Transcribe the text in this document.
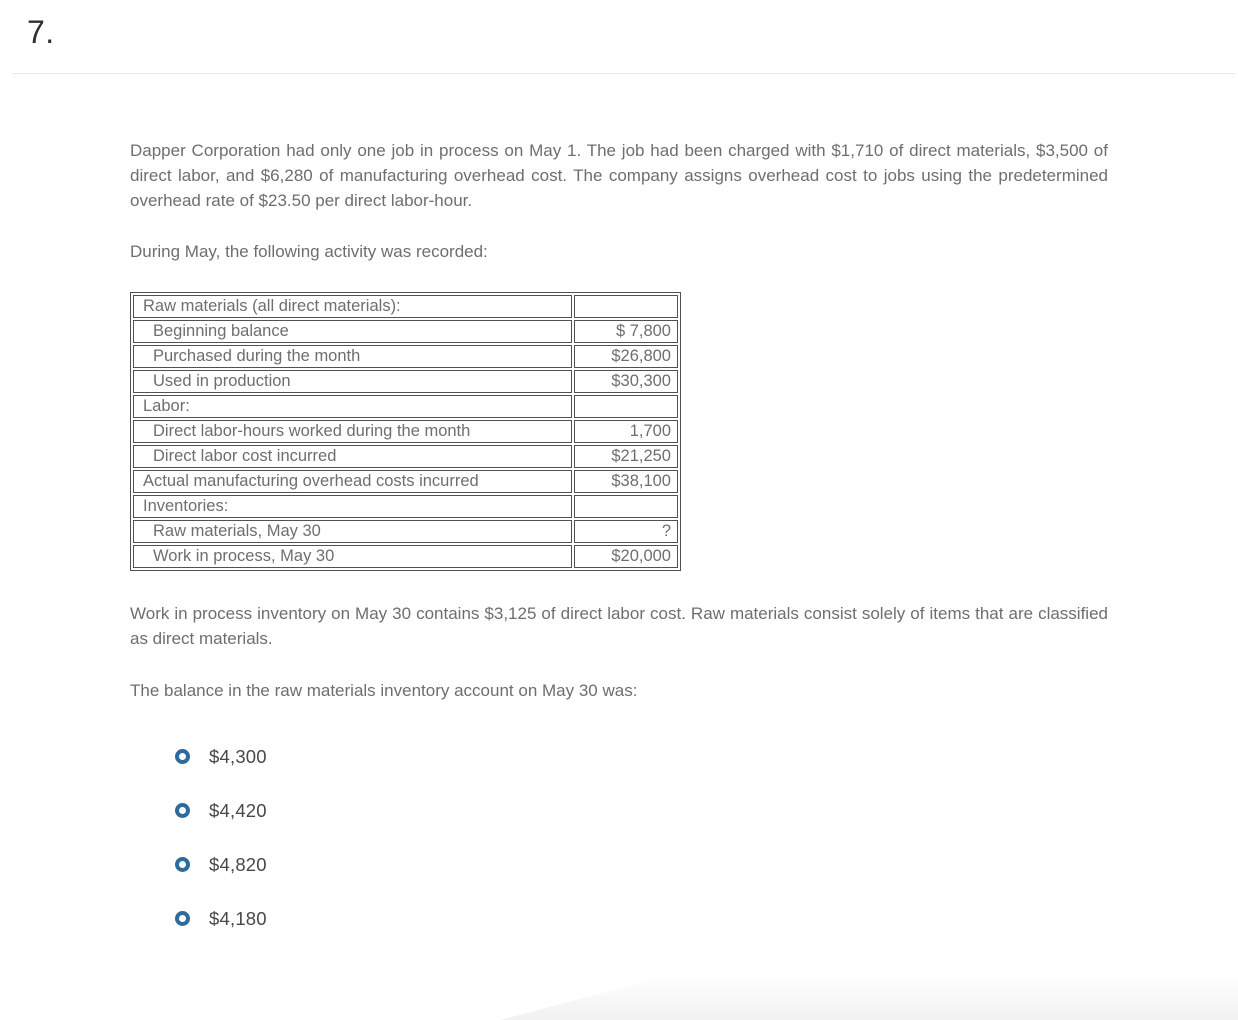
7.

Dapper Corporation had only one job in process on May 1. The job had been charged with $1,710 of direct materials, $3,500 of direct labor, and $6,280 of manufacturing overhead cost. The company assigns overhead cost to jobs using the predetermined overhead rate of $23.50 per direct labor-hour.

During May, the following activity was recorded:

Raw materials (all direct materials):	
Beginning balance	$ 7,800
Purchased during the month	$26,800
Used in production	$30,300
Labor:	
Direct labor-hours worked during the month	1,700
Direct labor cost incurred	$21,250
Actual manufacturing overhead costs incurred	$38,100
Inventories:	
Raw materials, May 30	?
Work in process, May 30	$20,000

Work in process inventory on May 30 contains $3,125 of direct labor cost. Raw materials consist solely of items that are classified as direct materials.

The balance in the raw materials inventory account on May 30 was:

$4,300
$4,420
$4,820
$4,180
